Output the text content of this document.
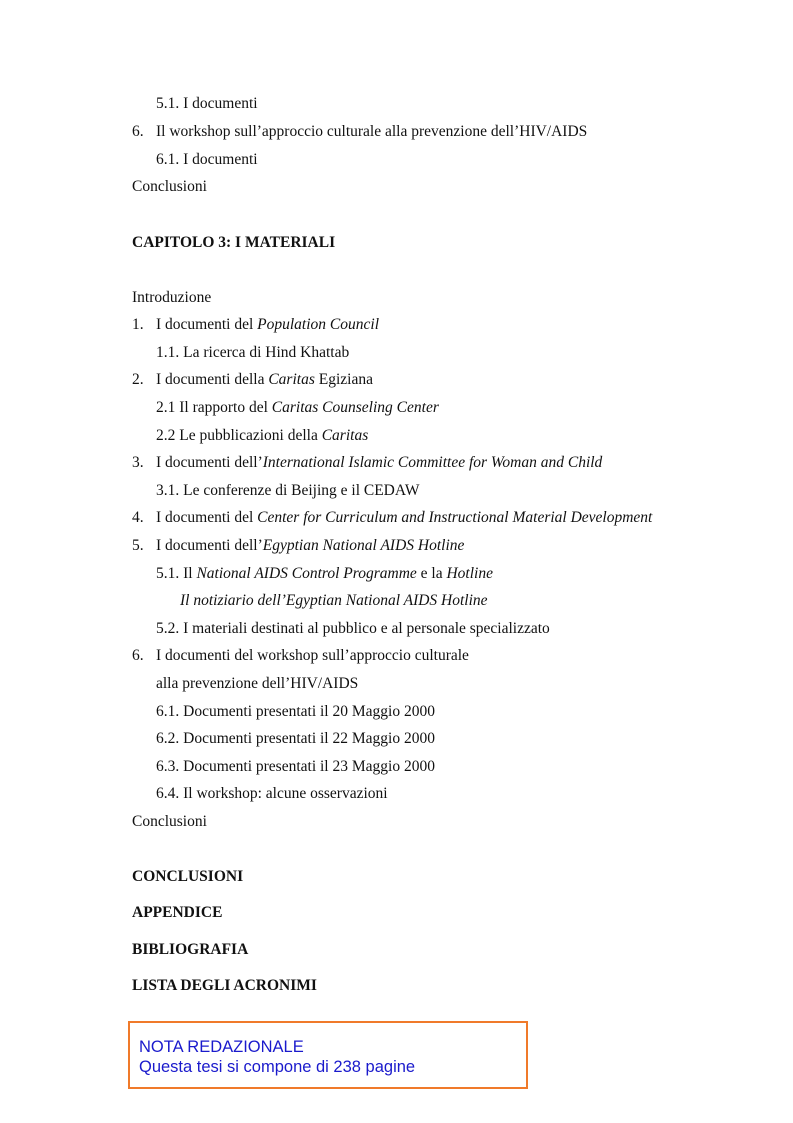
5.1. I documenti
6. Il workshop sull’approccio culturale alla prevenzione dell’HIV/AIDS
6.1. I documenti
Conclusioni
CAPITOLO 3: I MATERIALI
Introduzione
1. I documenti del Population Council
1.1. La ricerca di Hind Khattab
2. I documenti della Caritas Egiziana
2.1 Il rapporto del Caritas Counseling Center
2.2 Le pubblicazioni della Caritas
3. I documenti dell’International Islamic Committee for Woman and Child
3.1. Le conferenze di Beijing e il CEDAW
4. I documenti del Center for Curriculum and Instructional Material Development
5. I documenti dell’Egyptian National AIDS Hotline
5.1. Il National AIDS Control Programme e la Hotline
Il notiziario dell’Egyptian National AIDS Hotline
5.2. I materiali destinati al pubblico e al personale specializzato
6. I documenti del workshop sull’approccio culturale
alla prevenzione dell’HIV/AIDS
6.1. Documenti presentati il 20 Maggio 2000
6.2. Documenti presentati il 22 Maggio 2000
6.3. Documenti presentati il 23 Maggio 2000
6.4. Il workshop: alcune osservazioni
Conclusioni
CONCLUSIONI
APPENDICE
BIBLIOGRAFIA
LISTA DEGLI ACRONIMI
NOTA REDAZIONALE
Questa tesi si compone di 238 pagine
